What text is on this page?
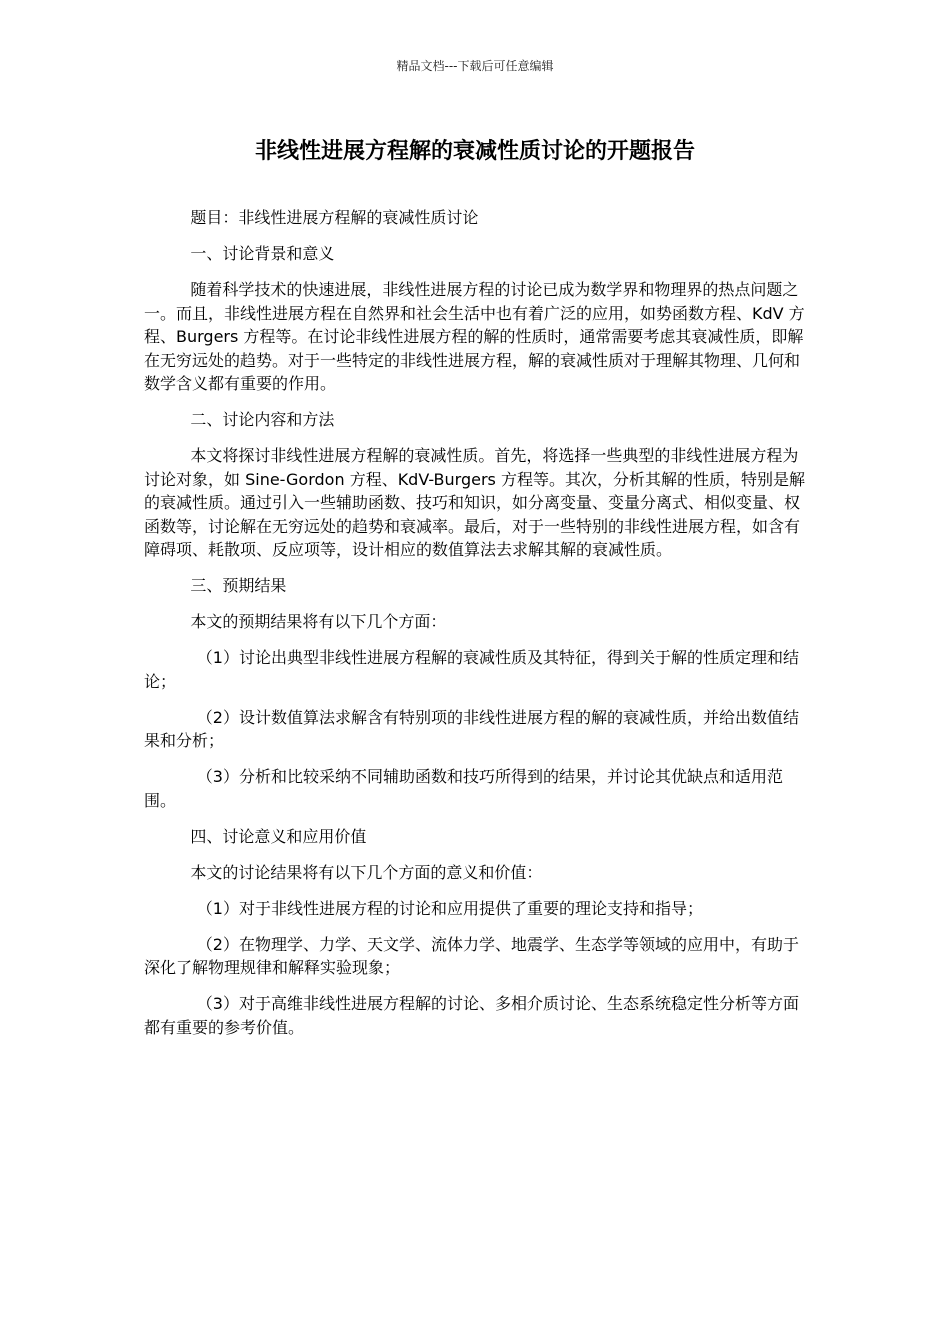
精品文档---下载后可任意编辑
非线性进展方程解的衰减性质讨论的开题报告

题目：非线性进展方程解的衰减性质讨论

一、讨论背景和意义

随着科学技术的快速进展，非线性进展方程的讨论已成为数学界和物理界的热点问题之一。而且，非线性进展方程在自然界和社会生活中也有着广泛的应用，如势函数方程、KdV 方程、Burgers 方程等。在讨论非线性进展方程的解的性质时，通常需要考虑其衰减性质，即解在无穷远处的趋势。对于一些特定的非线性进展方程，解的衰减性质对于理解其物理、几何和数学含义都有重要的作用。

二、讨论内容和方法

本文将探讨非线性进展方程解的衰减性质。首先，将选择一些典型的非线性进展方程为讨论对象，如 Sine-Gordon 方程、KdV-Burgers 方程等。其次，分析其解的性质，特别是解的衰减性质。通过引入一些辅助函数、技巧和知识，如分离变量、变量分离式、相似变量、权函数等，讨论解在无穷远处的趋势和衰减率。最后，对于一些特别的非线性进展方程，如含有障碍项、耗散项、反应项等，设计相应的数值算法去求解其解的衰减性质。

三、预期结果

本文的预期结果将有以下几个方面：

（1）讨论出典型非线性进展方程解的衰减性质及其特征，得到关于解的性质定理和结论；

（2）设计数值算法求解含有特别项的非线性进展方程的解的衰减性质，并给出数值结果和分析；

（3）分析和比较采纳不同辅助函数和技巧所得到的结果，并讨论其优缺点和适用范围。

四、讨论意义和应用价值

本文的讨论结果将有以下几个方面的意义和价值：

（1）对于非线性进展方程的讨论和应用提供了重要的理论支持和指导；

（2）在物理学、力学、天文学、流体力学、地震学、生态学等领域的应用中，有助于深化了解物理规律和解释实验现象；

（3）对于高维非线性进展方程解的讨论、多相介质讨论、生态系统稳定性分析等方面都有重要的参考价值。
